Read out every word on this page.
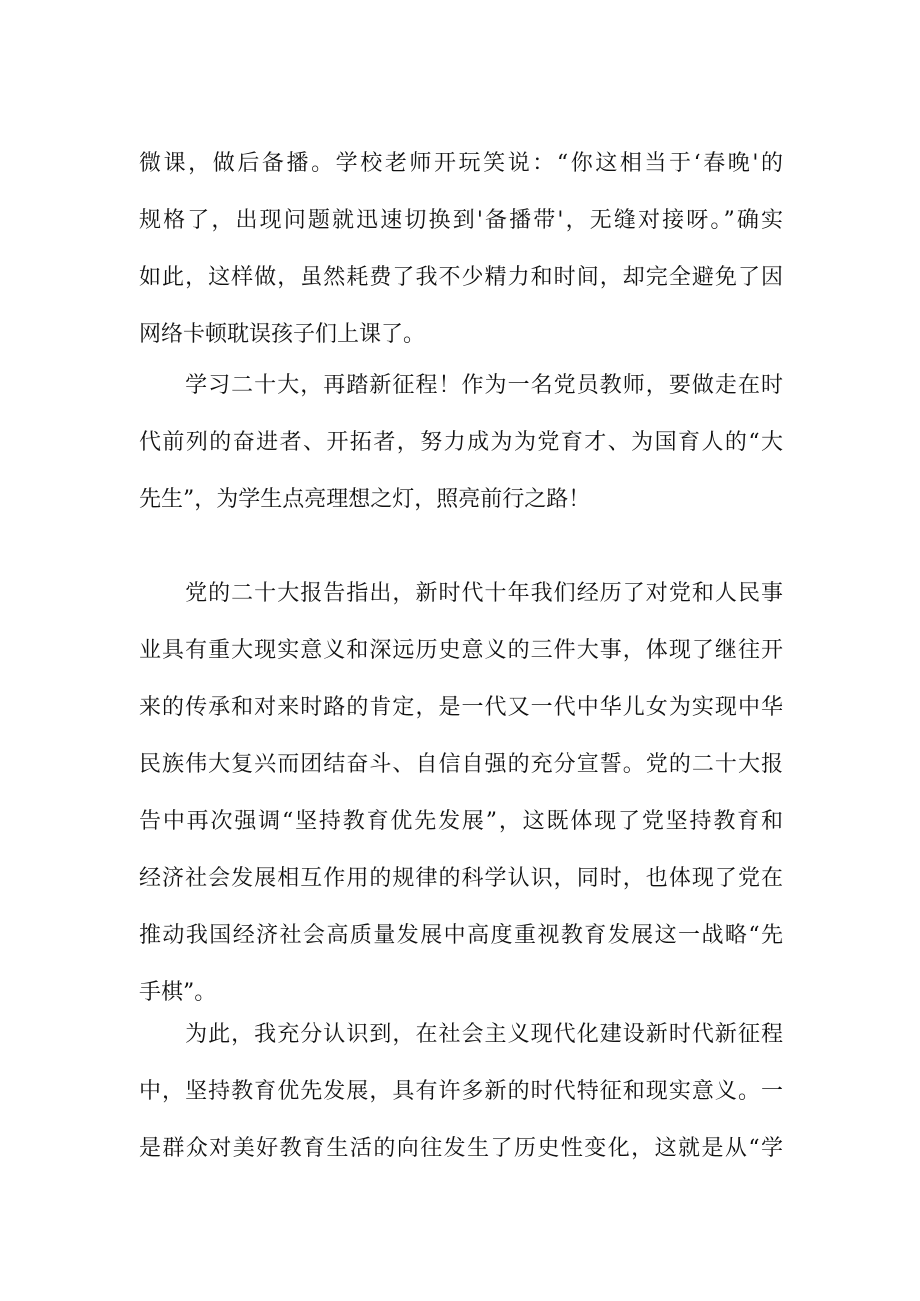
微课，做后备播。学校老师开玩笑说：“你这相当于‘春晚'的
规格了，出现问题就迅速切换到'备播带'，无缝对接呀。”确实
如此，这样做，虽然耗费了我不少精力和时间，却完全避免了因
网络卡顿耽误孩子们上课了。
　　学习二十大，再踏新征程！作为一名党员教师，要做走在时
代前列的奋进者、开拓者，努力成为为党育才、为国育人的“大
先生”，为学生点亮理想之灯，照亮前行之路！
　　党的二十大报告指出，新时代十年我们经历了对党和人民事
业具有重大现实意义和深远历史意义的三件大事，体现了继往开
来的传承和对来时路的肯定，是一代又一代中华儿女为实现中华
民族伟大复兴而团结奋斗、自信自强的充分宣誓。党的二十大报
告中再次强调“坚持教育优先发展”，这既体现了党坚持教育和
经济社会发展相互作用的规律的科学认识，同时，也体现了党在
推动我国经济社会高质量发展中高度重视教育发展这一战略“先
手棋”。
　　为此，我充分认识到，在社会主义现代化建设新时代新征程
中，坚持教育优先发展，具有许多新的时代特征和现实意义。一
是群众对美好教育生活的向往发生了历史性变化，这就是从“学
